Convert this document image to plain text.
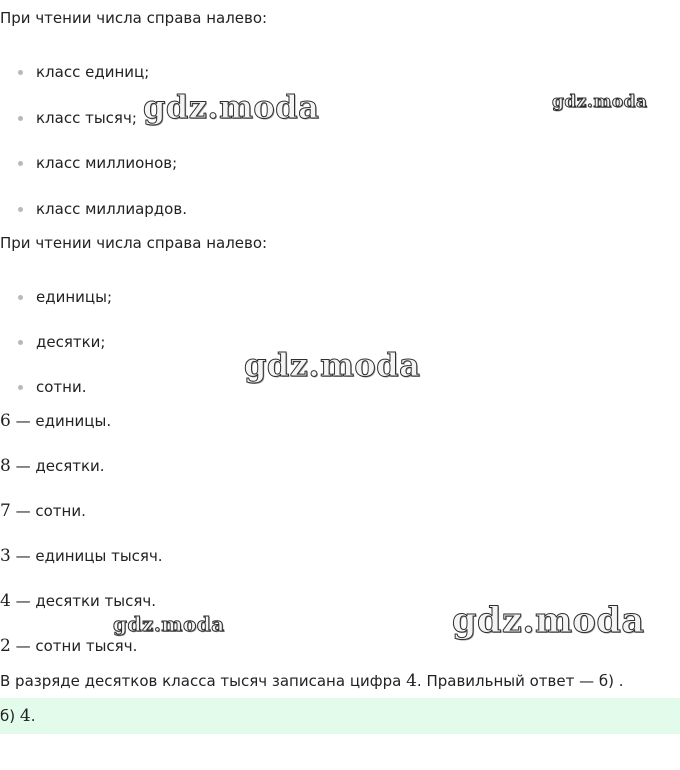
При чтении числа справа налево:

класс единиц;
класс тысяч;
класс миллионов;
класс миллиардов.

При чтении числа справа налево:

единицы;
десятки;
сотни.

6 — единицы.

8 — десятки.

7 — сотни.

3 — единицы тысяч.

4 — десятки тысяч.

2 — сотни тысяч.

В разряде десятков класса тысяч записана цифра 4. Правильный ответ — б) .

б) 4.
gdz.moda	gdz.moda
gdz.moda
gdz.moda	gdz.moda
